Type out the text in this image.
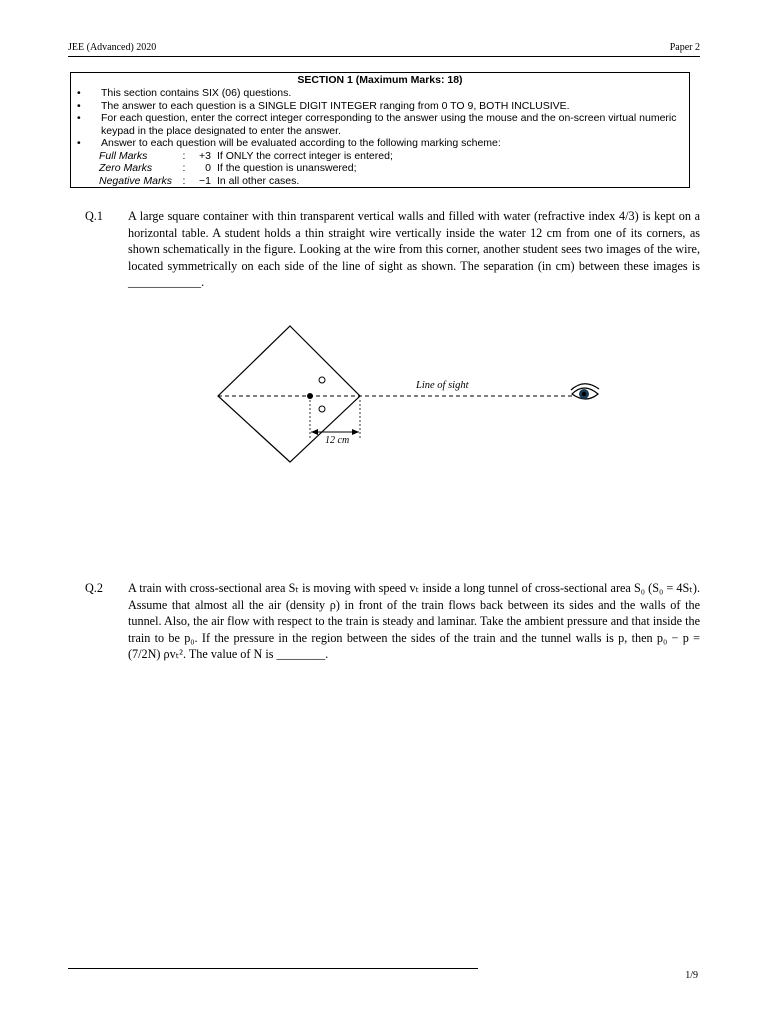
JEE (Advanced) 2020	Paper 2
SECTION 1 (Maximum Marks: 18)
• This section contains SIX (06) questions.
• The answer to each question is a SINGLE DIGIT INTEGER ranging from 0 TO 9, BOTH INCLUSIVE.
• For each question, enter the correct integer corresponding to the answer using the mouse and the on-screen virtual numeric keypad in the place designated to enter the answer.
• Answer to each question will be evaluated according to the following marking scheme:
Full Marks	: +3 If ONLY the correct integer is entered;
Zero Marks	: 0 If the question is unanswered;
Negative Marks : −1 In all other cases.
Q.1 A large square container with thin transparent vertical walls and filled with water (refractive index 4/3) is kept on a horizontal table. A student holds a thin straight wire vertically inside the water 12 cm from one of its corners, as shown schematically in the figure. Looking at the wire from this corner, another student sees two images of the wire, located symmetrically on each side of the line of sight as shown. The separation (in cm) between these images is ____________.
12 cm
Line of sight
Q.2 A train with cross-sectional area Sₜ is moving with speed vₜ inside a long tunnel of cross-sectional area S₀ (S₀ = 4Sₜ). Assume that almost all the air (density ρ) in front of the train flows back between its sides and the walls of the tunnel. Also, the air flow with respect to the train is steady and laminar. Take the ambient pressure and that inside the train to be p₀. If the pressure in the region between the sides of the train and the tunnel walls is p, then p₀ − p = (7/2N) ρvₜ². The value of N is ________.
1/9
